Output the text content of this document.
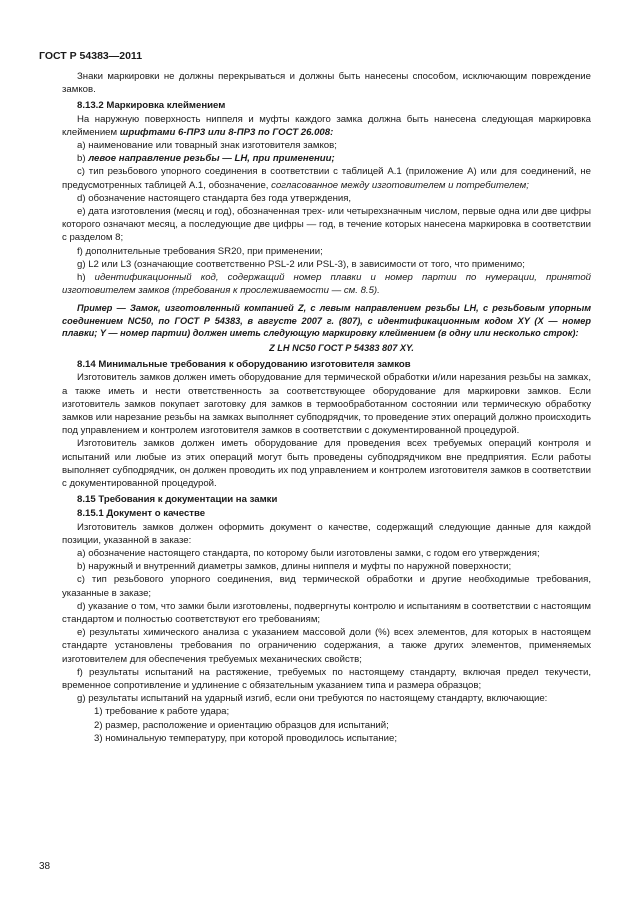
ГОСТ Р 54383—2011

Знаки маркировки не должны перекрываться и должны быть нанесены способом, исключающим повреждение замков.

8.13.2 Маркировка клеймением

На наружную поверхность ниппеля и муфты каждого замка должна быть нанесена следующая маркировка клеймением шрифтами 6-ПР3 или 8-ПР3 по ГОСТ 26.008:

а) наименование или товарный знак изготовителя замков;

b) левое направление резьбы — LH, при применении;

с) тип резьбового упорного соединения в соответствии с таблицей А.1 (приложение А) или для соединений, не предусмотренных таблицей А.1, обозначение, согласованное между изготовителем и потребителем;

d) обозначение настоящего стандарта без года утверждения,

е) дата изготовления (месяц и год), обозначенная трех- или четырехзначным числом, первые одна или две цифры которого означают месяц, а последующие две цифры — год, в течение которых нанесена маркировка в соответствии с разделом 8;

f) дополнительные требования SR20, при применении;

g) L2 или L3 (означающие соответственно PSL-2 или PSL-3), в зависимости от того, что применимо;

h) идентификационный код, содержащий номер плавки и номер партии по нумерации, принятой изготовителем замков (требования к прослеживаемости — см. 8.5).

Пример — Замок, изготовленный компанией Z, с левым направлением резьбы LH, с резьбовым упорным соединением NC50, по ГОСТ Р 54383, в августе 2007 г. (807), с идентификационным кодом XY (X — номер плавки; Y — номер партии) должен иметь следующую маркировку клеймением (в одну или несколько строк):

Z LH NC50 ГОСТ Р 54383 807 XY.

8.14 Минимальные требования к оборудованию изготовителя замков

Изготовитель замков должен иметь оборудование для термической обработки и/или нарезания резьбы на замках, а также иметь и нести ответственность за соответствующее оборудование для маркировки замков. Если изготовитель замков покупает заготовку для замков в термообработанном состоянии или термическую обработку замков или нарезание резьбы на замках выполняет субподрядчик, то проведение этих операций должно происходить под управлением и контролем изготовителя замков в соответствии с документированной процедурой.

Изготовитель замков должен иметь оборудование для проведения всех требуемых операций контроля и испытаний или любые из этих операций могут быть проведены субподрядчиком вне предприятия. Если работы выполняет субподрядчик, он должен проводить их под управлением и контролем изготовителя замков в соответствии с документированной процедурой.

8.15 Требования к документации на замки

8.15.1 Документ о качестве

Изготовитель замков должен оформить документ о качестве, содержащий следующие данные для каждой позиции, указанной в заказе:

а) обозначение настоящего стандарта, по которому были изготовлены замки, с годом его утверждения;

b) наружный и внутренний диаметры замков, длины ниппеля и муфты по наружной поверхности;

с) тип резьбового упорного соединения, вид термической обработки и другие необходимые требования, указанные в заказе;

d) указание о том, что замки были изготовлены, подвергнуты контролю и испытаниям в соответствии с настоящим стандартом и полностью соответствуют его требованиям;

е) результаты химического анализа с указанием массовой доли (%) всех элементов, для которых в настоящем стандарте установлены требования по ограничению содержания, а также других элементов, применяемых изготовителем для обеспечения требуемых механических свойств;

f) результаты испытаний на растяжение, требуемых по настоящему стандарту, включая предел текучести, временное сопротивление и удлинение с обязательным указанием типа и размера образцов;

g) результаты испытаний на ударный изгиб, если они требуются по настоящему стандарту, включающие:

1) требование к работе удара;

2) размер, расположение и ориентацию образцов для испытаний;

3) номинальную температуру, при которой проводилось испытание;

38
